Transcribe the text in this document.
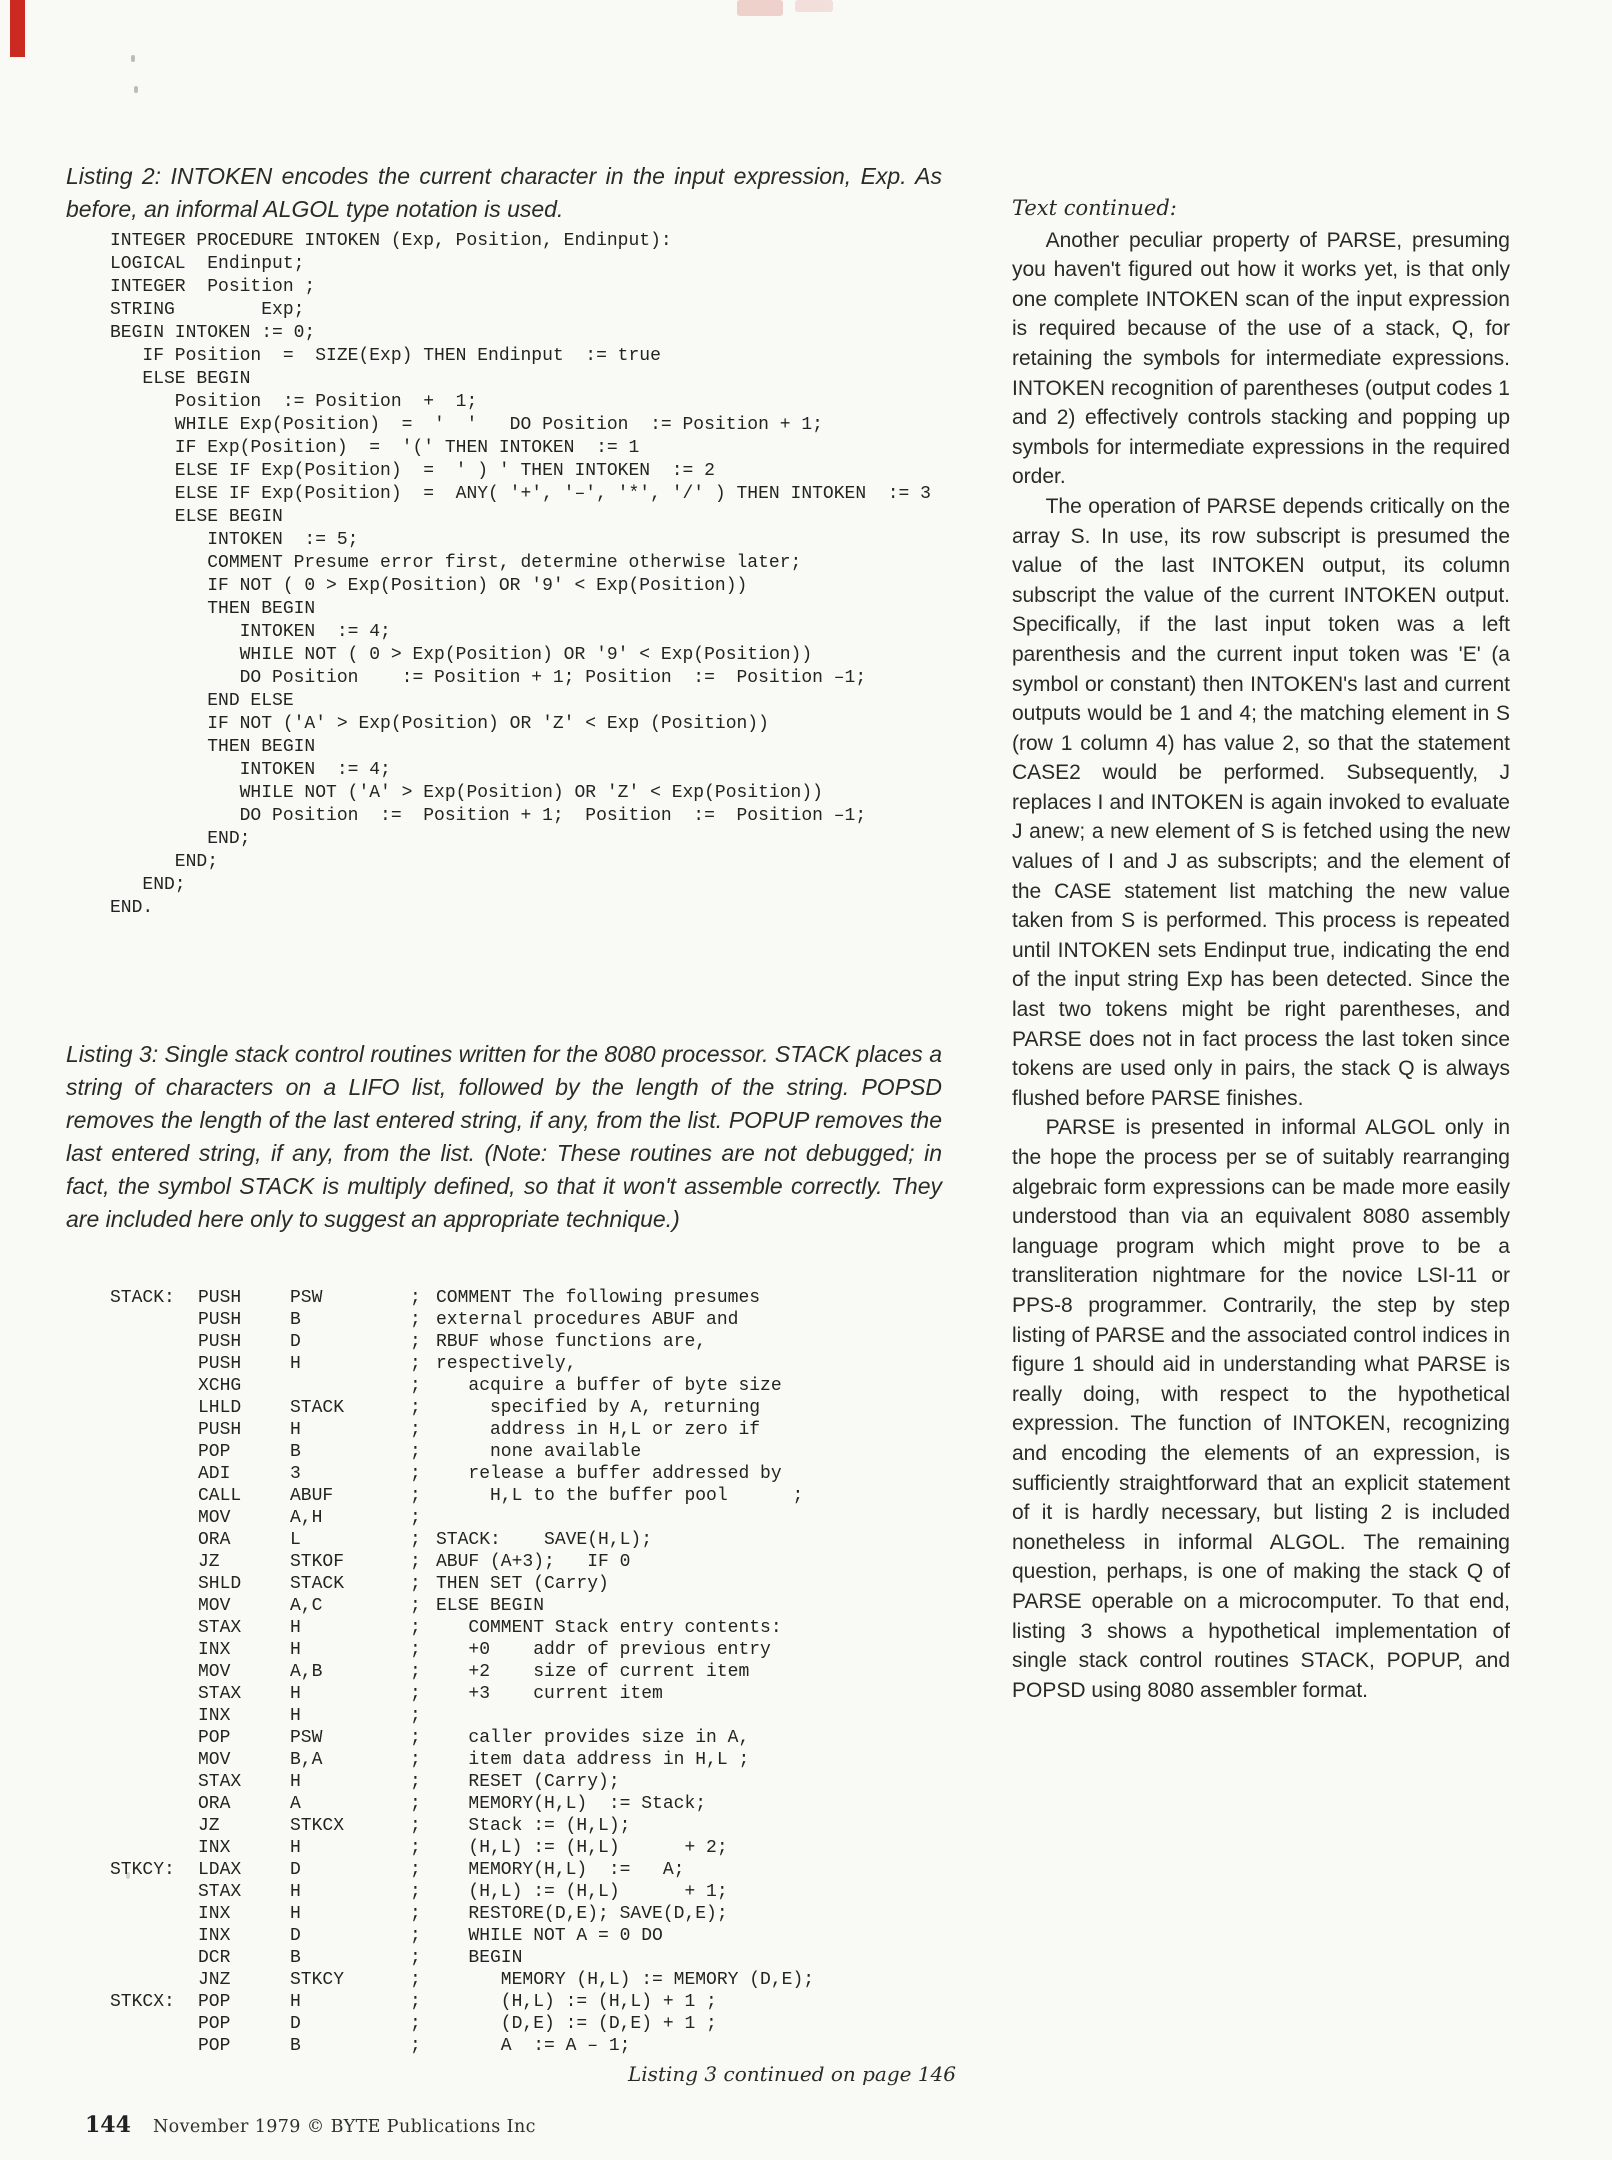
Listing 2: INTOKEN encodes the current character in the input expression, Exp. As before, an informal ALGOL type notation is used.
INTEGER PROCEDURE INTOKEN (Exp, Position, Endinput):
LOGICAL  Endinput;
INTEGER  Position ;
STRING        Exp;
BEGIN INTOKEN := 0;
IF Position  =  SIZE(Exp) THEN Endinput  := true
ELSE BEGIN
Position  := Position  +  1;
WHILE Exp(Position)  =  '  '   DO Position  := Position + 1;
IF Exp(Position)  =  '(' THEN INTOKEN  := 1
ELSE IF Exp(Position)  =  ' ) ' THEN INTOKEN  := 2
ELSE IF Exp(Position)  =  ANY( '+', '–', '*', '/' ) THEN INTOKEN  := 3
ELSE BEGIN
INTOKEN  := 5;
COMMENT Presume error first, determine otherwise later;
IF NOT ( 0 > Exp(Position) OR '9' < Exp(Position))
THEN BEGIN
INTOKEN  := 4;
WHILE NOT ( 0 > Exp(Position) OR '9' < Exp(Position))
DO Position    := Position + 1; Position  :=  Position –1;
END ELSE
IF NOT ('A' > Exp(Position) OR 'Z' < Exp (Position))
THEN BEGIN
INTOKEN  := 4;
WHILE NOT ('A' > Exp(Position) OR 'Z' < Exp(Position))
DO Position  :=  Position + 1;  Position  :=  Position –1;
END;
END;
END;
END.
Listing 3: Single stack control routines written for the 8080 processor. STACK places a string of characters on a LIFO list, followed by the length of the string. POPSD removes the length of the last entered string, if any, from the list. POPUP removes the last entered string, if any, from the list. (Note: These routines are not debugged; in fact, the symbol STACK is multiply defined, so that it won't assemble correctly. They are included here only to suggest an appropriate technique.)
STACK:	PUSH	PSW	; COMMENT The following presumes
PUSH	B	; external procedures ABUF and
PUSH	D	; RBUF whose functions are,
PUSH	H	; respectively,
XCHG	; acquire a buffer of byte size
LHLD	STACK	; specified by A, returning
PUSH	H	; address in H,L or zero if
POP	B	; none available
ADI	3	; release a buffer addressed by
CALL	ABUF	; H,L to the buffer pool      ;
MOV	A,H	;
ORA	L	; STACK:    SAVE(H,L);
JZ	STKOF	; ABUF (A+3);   IF 0
SHLD	STACK	; THEN SET (Carry)
MOV	A,C	; ELSE BEGIN
STAX	H	; COMMENT Stack entry contents:
INX	H	; +0    addr of previous entry
MOV	A,B	; +2    size of current item
STAX	H	; +3    current item
INX	H	;
POP	PSW	; caller provides size in A,
MOV	B,A	; item data address in H,L ;
STAX	H	; RESET (Carry);
ORA	A	; MEMORY(H,L)  := Stack;
JZ	STKCX	; Stack := (H,L);
INX	H	; (H,L) := (H,L)      + 2;
STKCY:	LDAX	D	; MEMORY(H,L)  :=   A;
STAX	H	; (H,L) := (H,L)      + 1;
INX	H	; RESTORE(D,E); SAVE(D,E);
INX	D	; WHILE NOT A = 0 DO
DCR	B	; BEGIN
JNZ	STKCY	; MEMORY (H,L) := MEMORY (D,E);
STKCX:	POP	H	; (H,L) := (H,L) + 1 ;
POP	D	; (D,E) := (D,E) + 1 ;
POP	B	; A  := A – 1;
Listing 3 continued on page 146
144 November 1979 © BYTE Publications Inc
Text continued:

Another peculiar property of PARSE, presuming you haven't figured out how it works yet, is that only one complete INTOKEN scan of the input expression is required because of the use of a stack, Q, for retaining the symbols for intermediate expressions. INTOKEN recognition of parentheses (output codes 1 and 2) effectively controls stacking and popping up symbols for intermediate expressions in the required order.

The operation of PARSE depends critically on the array S. In use, its row subscript is presumed the value of the last INTOKEN output, its column subscript the value of the current INTOKEN output. Specifically, if the last input token was a left parenthesis and the current input token was 'E' (a symbol or constant) then INTOKEN's last and current outputs would be 1 and 4; the matching element in S (row 1 column 4) has value 2, so that the statement CASE2 would be performed. Subsequently, J replaces I and INTOKEN is again invoked to evaluate J anew; a new element of S is fetched using the new values of I and J as subscripts; and the element of the CASE statement list matching the new value taken from S is performed. This process is repeated until INTOKEN sets Endinput true, indicating the end of the input string Exp has been detected. Since the last two tokens might be right parentheses, and PARSE does not in fact process the last token since tokens are used only in pairs, the stack Q is always flushed before PARSE finishes.

PARSE is presented in informal ALGOL only in the hope the process per se of suitably rearranging algebraic form expressions can be made more easily understood than via an equivalent 8080 assembly language program which might prove to be a transliteration nightmare for the novice LSI-11 or PPS-8 programmer. Contrarily, the step by step listing of PARSE and the associated control indices in figure 1 should aid in understanding what PARSE is really doing, with respect to the hypothetical expression. The function of INTOKEN, recognizing and encoding the elements of an expression, is sufficiently straightforward that an explicit statement of it is hardly necessary, but listing 2 is included nonetheless in informal ALGOL. The remaining question, perhaps, is one of making the stack Q of PARSE operable on a microcomputer. To that end, listing 3 shows a hypothetical implementation of single stack control routines STACK, POPUP, and POPSD using 8080 assembler format.
